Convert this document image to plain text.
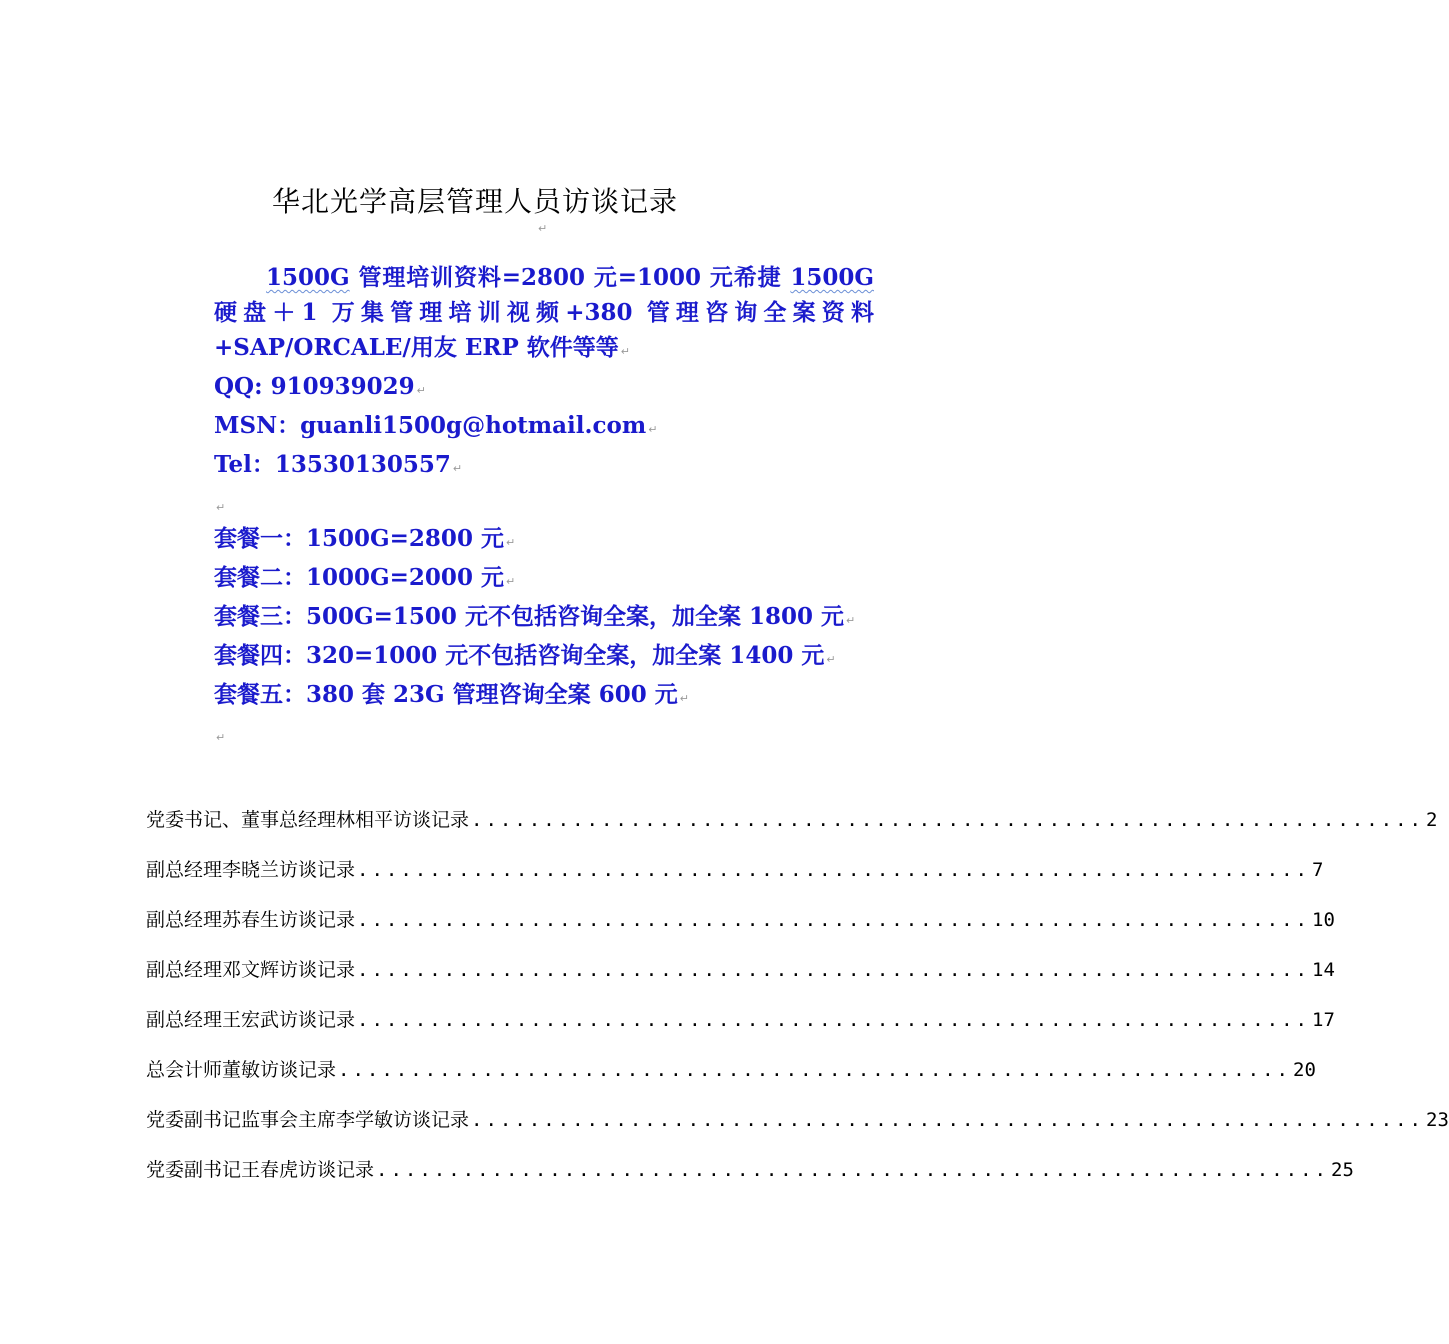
华北光学高层管理人员访谈记录
↵

1500G 管理培训资料=2800 元=1000 元希捷 1500G 硬盘＋1 万集管理培训视频+380 管理咨询全案资料+SAP/ORCALE/用友 ERP 软件等等 ↵

QQ: 910939029 ↵

MSN：guanli1500g@hotmail.com ↵

Tel：13530130557 ↵

↵

套餐一：1500G=2800 元 ↵

套餐二：1000G=2000 元 ↵

套餐三：500G=1500 元不包括咨询全案，加全案 1800 元 ↵

套餐四：320=1000 元不包括咨询全案，加全案 1400 元 ↵

套餐五：380 套 23G 管理咨询全案 600 元 ↵

↵

党委书记、董事总经理林相平访谈记录 .................................................................. 2
副总经理李晓兰访谈记录 .................................................................. 7
副总经理苏春生访谈记录 .................................................................. 10
副总经理邓文辉访谈记录 .................................................................. 14
副总经理王宏武访谈记录 .................................................................. 17
总会计师董敏访谈记录 .................................................................. 20
党委副书记监事会主席李学敏访谈记录 .................................................................. 23
党委副书记王春虎访谈记录 .................................................................. 25
